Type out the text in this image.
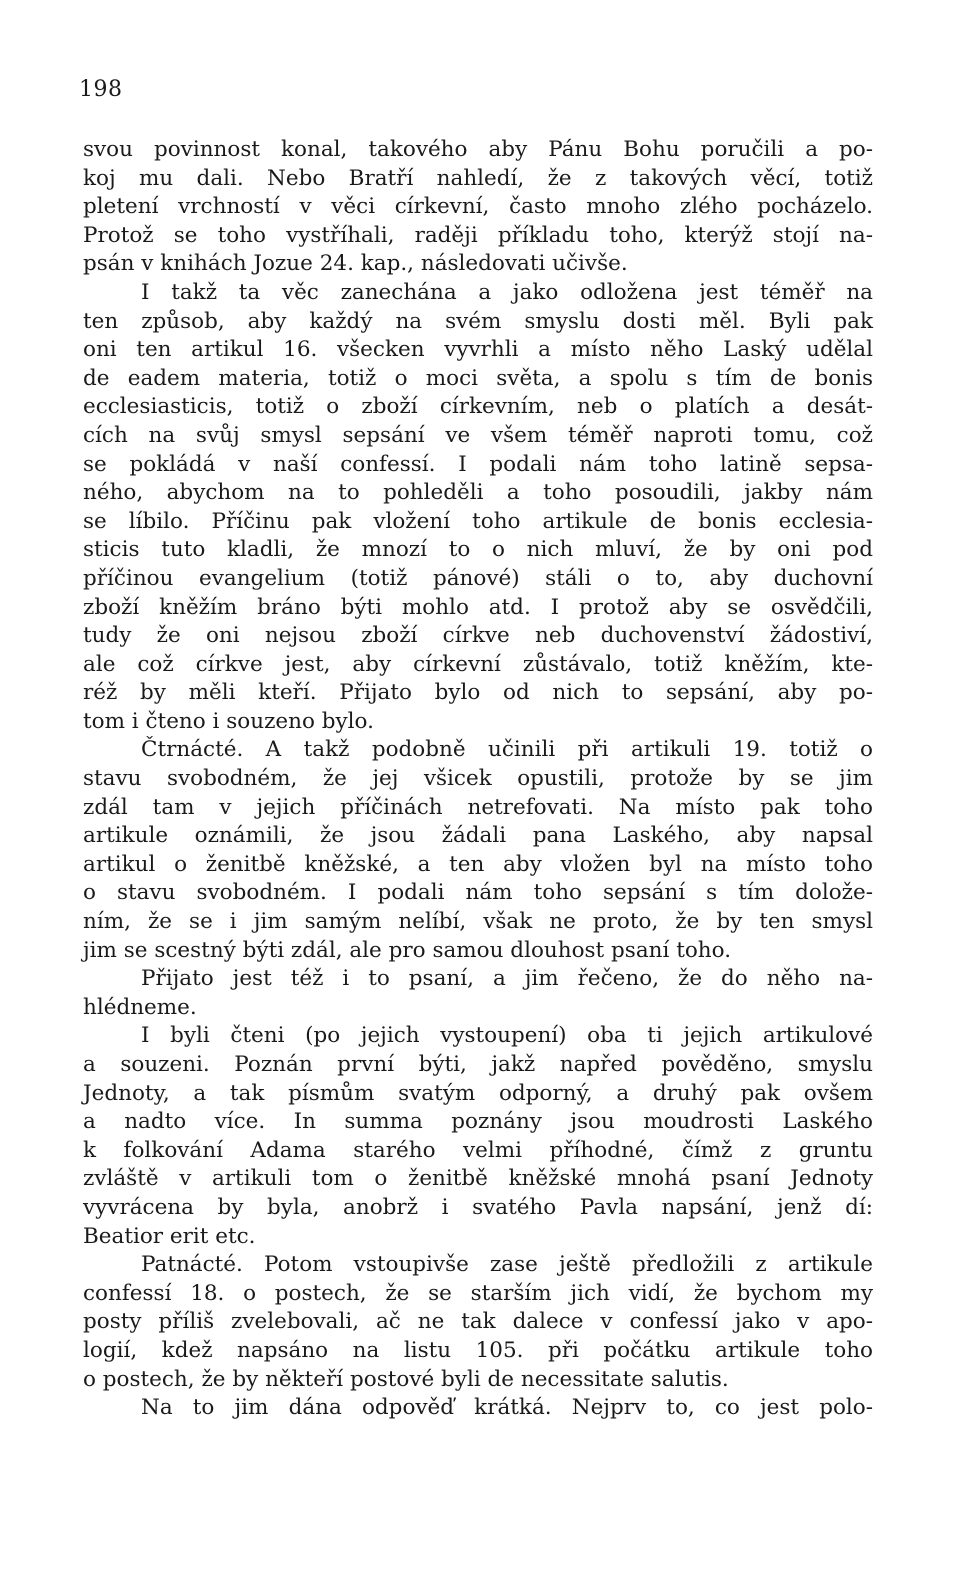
198
svou povinnost konal, takového aby Pánu Bohu poručili a po-
koj mu dali. Nebo Bratří nahledí, že z takových věcí, totiž
pletení vrchností v věci církevní, často mnoho zlého pocházelo.
Protož se toho vystříhali, raději příkladu toho, kterýž stojí na-
psán v knihách Jozue 24. kap., následovati učivše.
I takž ta věc zanechána a jako odložena jest téměř na
ten způsob, aby každý na svém smyslu dosti měl. Byli pak
oni ten artikul 16. všecken vyvrhli a místo něho Laský udělal
de eadem materia, totiž o moci světa, a spolu s tím de bonis
ecclesiasticis, totiž o zboží církevním, neb o platích a desát-
cích na svůj smysl sepsání ve všem téměř naproti tomu, což
se pokládá v naší confessí. I podali nám toho latině sepsa-
ného, abychom na to pohleděli a toho posoudili, jakby nám
se líbilo. Příčinu pak vložení toho artikule de bonis ecclesia-
sticis tuto kladli, že mnozí to o nich mluví, že by oni pod
příčinou evangelium (totiž pánové) stáli o to, aby duchovní
zboží kněžím bráno býti mohlo atd. I protož aby se osvědčili,
tudy že oni nejsou zboží církve neb duchovenství žádostiví,
ale což církve jest, aby církevní zůstávalo, totiž kněžím, kte-
réž by měli kteří. Přijato bylo od nich to sepsání, aby po-
tom i čteno i souzeno bylo.
Čtrnácté. A takž podobně učinili při artikuli 19. totiž o
stavu svobodném, že jej všicek opustili, protože by se jim
zdál tam v jejich příčinách netrefovati. Na místo pak toho
artikule oznámili, že jsou žádali pana Laského, aby napsal
artikul o ženitbě kněžské, a ten aby vložen byl na místo toho
o stavu svobodném. I podali nám toho sepsání s tím dolože-
ním, že se i jim samým nelíbí, však ne proto, že by ten smysl
jim se scestný býti zdál, ale pro samou dlouhost psaní toho.
Přijato jest též i to psaní, a jim řečeno, že do něho na-
hlédneme.
I byli čteni (po jejich vystoupení) oba ti jejich artikulové
a souzeni. Poznán první býti, jakž napřed pověděno, smyslu
Jednoty, a tak písmům svatým odporný, a druhý pak ovšem
a nadto více. In summa poznány jsou moudrosti Laského
k folkování Adama starého velmi příhodné, čímž z gruntu
zvláště v artikuli tom o ženitbě kněžské mnohá psaní Jednoty
vyvrácena by byla, anobrž i svatého Pavla napsání, jenž dí:
Beatior erit etc.
Patnácté. Potom vstoupivše zase ještě předložili z artikule
confessí 18. o postech, že se starším jich vidí, že bychom my
posty příliš zvelebovali, ač ne tak dalece v confessí jako v apo-
logií, kdež napsáno na listu 105. při počátku artikule toho
o postech, že by někteří postové byli de necessitate salutis.
Na to jim dána odpověď krátká. Nejprv to, co jest polo-
